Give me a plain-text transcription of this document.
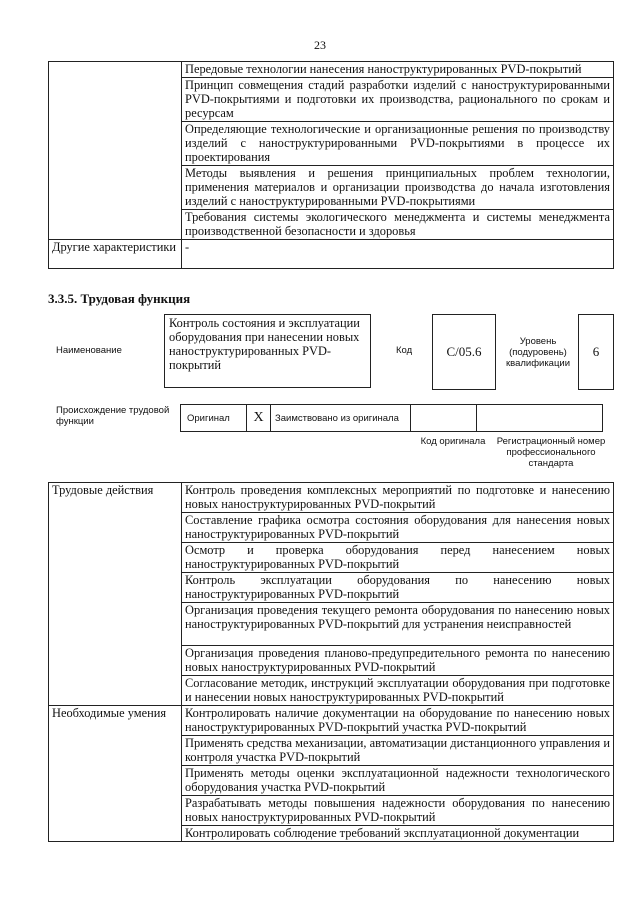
23
	Передовые технологии нанесения наноструктурированных PVD-покрытий
	Принцип совмещения стадий разработки изделий с наноструктурированными PVD-покрытиями и подготовки их производства, рационального по срокам и ресурсам
	Определяющие технологические и организационные решения по производству изделий с наноструктурированными PVD-покрытиями в процессе их проектирования
	Методы выявления и решения принципиальных проблем технологии, применения материалов и организации производства до начала изготовления изделий с наноструктурированными PVD-покрытиями
	Требования системы экологического менеджмента и системы менеджмента производственной безопасности и здоровья
Другие характеристики	-
3.3.5. Трудовая функция
Наименование
Контроль состояния и эксплуатации оборудования при нанесении новых наноструктурированных PVD-покрытий
Код	C/05.6
Уровень (подуровень) квалификации
6
Происхождение трудовой функции	Оригинал	X	Заимствовано из оригинала
Код оригинала	Регистрационный номер профессионального стандарта
Трудовые действия	Контроль проведения комплексных мероприятий по подготовке и нанесению новых наноструктурированных PVD-покрытий
	Составление графика осмотра состояния оборудования для нанесения новых наноструктурированных PVD-покрытий
	Осмотр и проверка оборудования перед нанесением новых наноструктурированных PVD-покрытий
	Контроль эксплуатации оборудования по нанесению новых наноструктурированных PVD-покрытий
	Организация проведения текущего ремонта оборудования по нанесению новых наноструктурированных PVD-покрытий для устранения неисправностей
	Организация проведения планово-предупредительного ремонта по нанесению новых наноструктурированных PVD-покрытий
	Согласование методик, инструкций эксплуатации оборудования при подготовке и нанесении новых наноструктурированных PVD-покрытий
Необходимые умения	Контролировать наличие документации на оборудование по нанесению новых наноструктурированных PVD-покрытий участка PVD-покрытий
	Применять средства механизации, автоматизации дистанционного управления и контроля участка PVD-покрытий
	Применять методы оценки эксплуатационной надежности технологического оборудования участка PVD-покрытий
	Разрабатывать методы повышения надежности оборудования по нанесению новых наноструктурированных PVD-покрытий
	Контролировать соблюдение требований эксплуатационной документации
